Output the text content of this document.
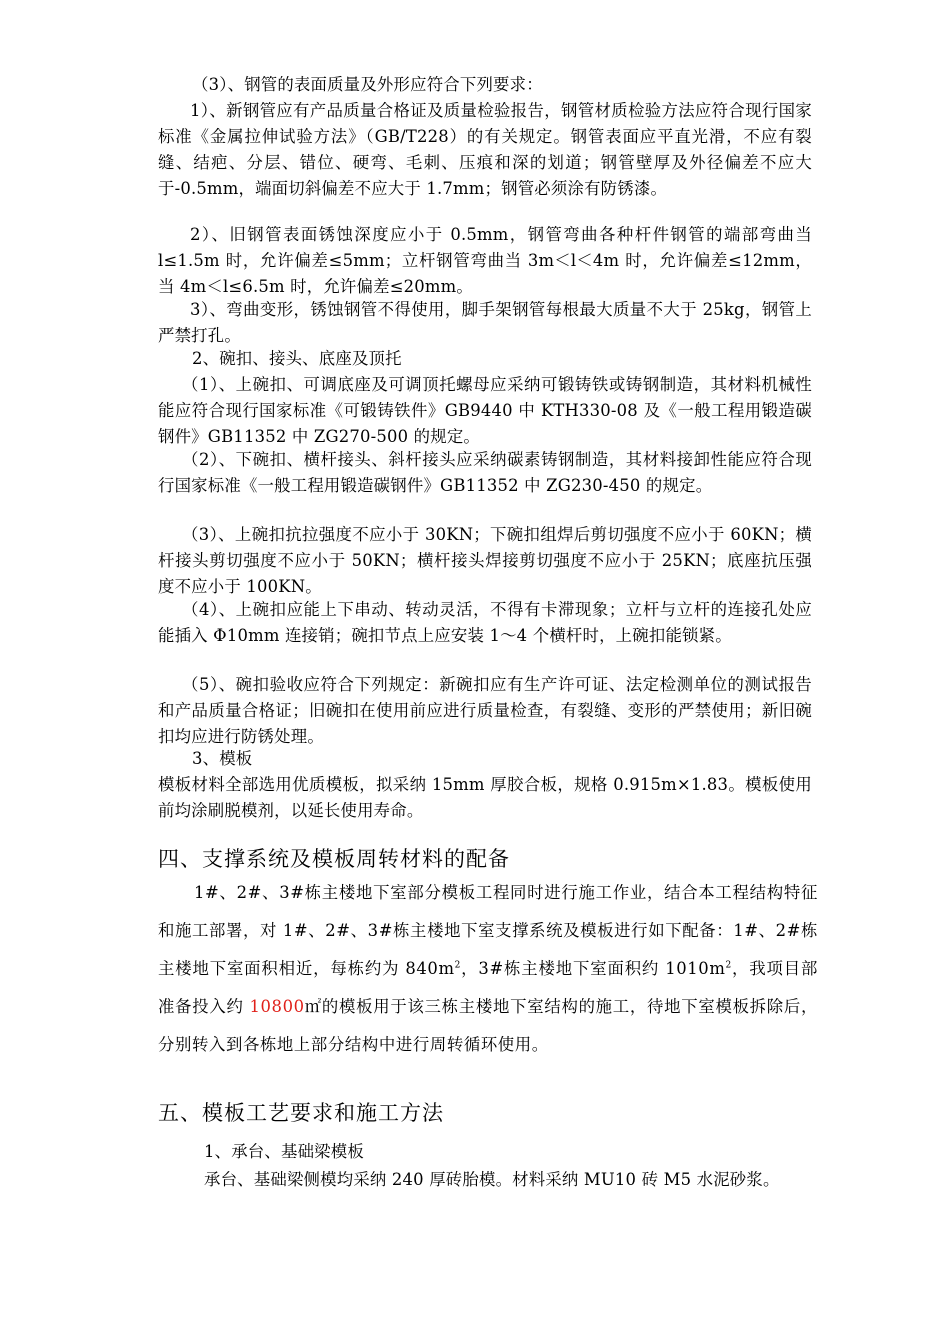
（3）、钢管的表面质量及外形应符合下列要求：
1）、新钢管应有产品质量合格证及质量检验报告，钢管材质检验方法应符合现行国家标准《金属拉伸试验方法》（GB/T228）的有关规定。钢管表面应平直光滑，不应有裂缝、结疤、分层、错位、硬弯、毛刺、压痕和深的划道；钢管壁厚及外径偏差不应大于-0.5mm，端面切斜偏差不应大于 1.7mm；钢管必须涂有防锈漆。
2）、旧钢管表面锈蚀深度应小于 0.5mm，钢管弯曲各种杆件钢管的端部弯曲当 l≤1.5m 时，允许偏差≤5mm；立杆钢管弯曲当 3m＜l＜4m 时，允许偏差≤12mm，当 4m＜l≤6.5m 时，允许偏差≤20mm。
3）、弯曲变形，锈蚀钢管不得使用，脚手架钢管每根最大质量不大于 25kg，钢管上严禁打孔。
2、碗扣、接头、底座及顶托
（1）、上碗扣、可调底座及可调顶托螺母应采纳可锻铸铁或铸钢制造，其材料机械性能应符合现行国家标准《可锻铸铁件》GB9440 中 KTH330-08 及《一般工程用锻造碳钢件》GB11352 中 ZG270-500 的规定。
（2）、下碗扣、横杆接头、斜杆接头应采纳碳素铸钢制造，其材料接卸性能应符合现行国家标准《一般工程用锻造碳钢件》GB11352 中 ZG230-450 的规定。
（3）、上碗扣抗拉强度不应小于 30KN；下碗扣组焊后剪切强度不应小于 60KN；横杆接头剪切强度不应小于 50KN；横杆接头焊接剪切强度不应小于 25KN；底座抗压强度不应小于 100KN。
（4）、上碗扣应能上下串动、转动灵活，不得有卡滞现象；立杆与立杆的连接孔处应能插入 Φ10mm 连接销；碗扣节点上应安装 1～4 个横杆时，上碗扣能锁紧。
（5）、碗扣验收应符合下列规定：新碗扣应有生产许可证、法定检测单位的测试报告和产品质量合格证；旧碗扣在使用前应进行质量检查，有裂缝、变形的严禁使用；新旧碗扣均应进行防锈处理。
3、模板
模板材料全部选用优质模板，拟采纳 15mm 厚胶合板，规格 0.915m×1.83。模板使用前均涂刷脱模剂，以延长使用寿命。
四、支撑系统及模板周转材料的配备
1#、2#、3#栋主楼地下室部分模板工程同时进行施工作业，结合本工程结构特征和施工部署，对 1#、2#、3#栋主楼地下室支撑系统及模板进行如下配备：1#、2#栋主楼地下室面积相近，每栋约为 $840m^2$，3#栋主楼地下室面积约 $1010m^2$，我项目部准备投入约 10800㎡的模板用于该三栋主楼地下室结构的施工，待地下室模板拆除后，分别转入到各栋地上部分结构中进行周转循环使用。
五、模板工艺要求和施工方法
1、承台、基础梁模板
承台、基础梁侧模均采纳 240 厚砖胎模。材料采纳 MU10 砖 M5 水泥砂浆。
